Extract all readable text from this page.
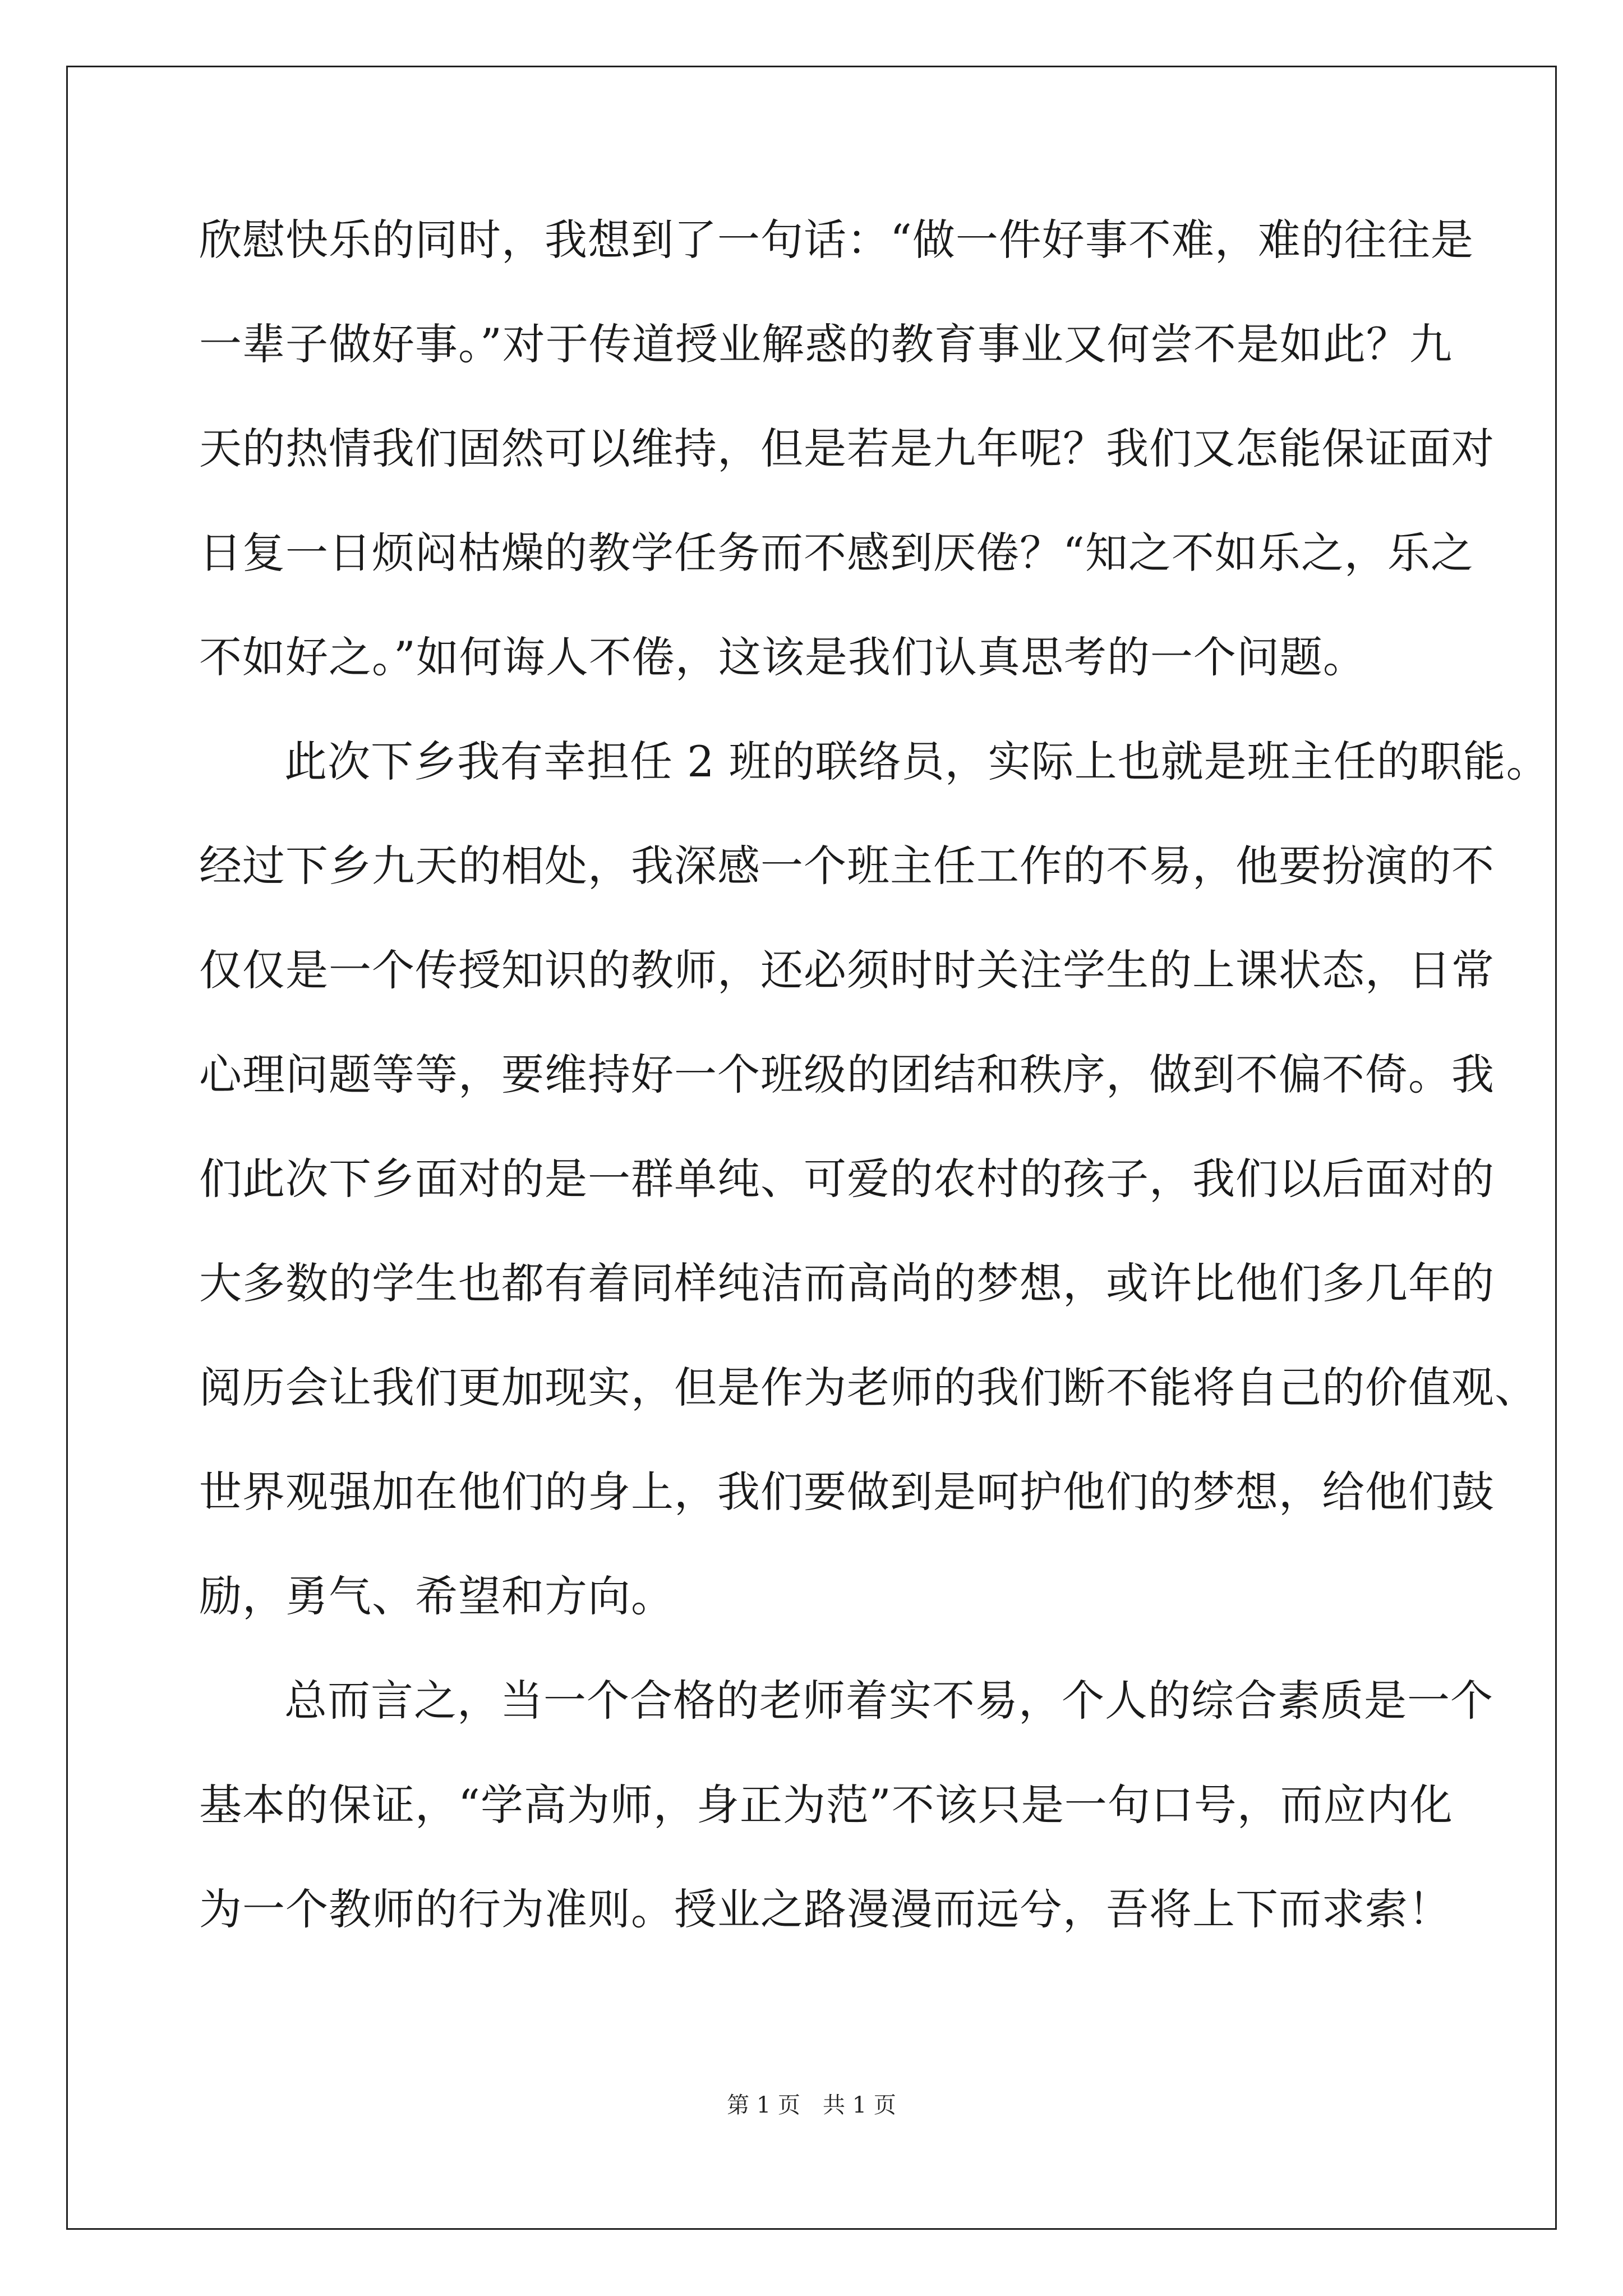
欣慰快乐的同时，我想到了一句话：“做一件好事不难，难的往往是
一辈子做好事。”对于传道授业解惑的教育事业又何尝不是如此？九
天的热情我们固然可以维持，但是若是九年呢？我们又怎能保证面对
日复一日烦闷枯燥的教学任务而不感到厌倦？“知之不如乐之，乐之
不如好之。”如何诲人不倦，这该是我们认真思考的一个问题。
此次下乡我有幸担任 2 班的联络员，实际上也就是班主任的职能。
经过下乡九天的相处，我深感一个班主任工作的不易，他要扮演的不
仅仅是一个传授知识的教师，还必须时时关注学生的上课状态，日常
心理问题等等，要维持好一个班级的团结和秩序，做到不偏不倚。我
们此次下乡面对的是一群单纯、可爱的农村的孩子，我们以后面对的
大多数的学生也都有着同样纯洁而高尚的梦想，或许比他们多几年的
阅历会让我们更加现实，但是作为老师的我们断不能将自己的价值观、
世界观强加在他们的身上，我们要做到是呵护他们的梦想，给他们鼓
励，勇气、希望和方向。
总而言之，当一个合格的老师着实不易，个人的综合素质是一个
基本的保证，“学高为师，身正为范”不该只是一句口号，而应内化
为一个教师的行为准则。授业之路漫漫而远兮，吾将上下而求索！
第 1 页 共 1 页
